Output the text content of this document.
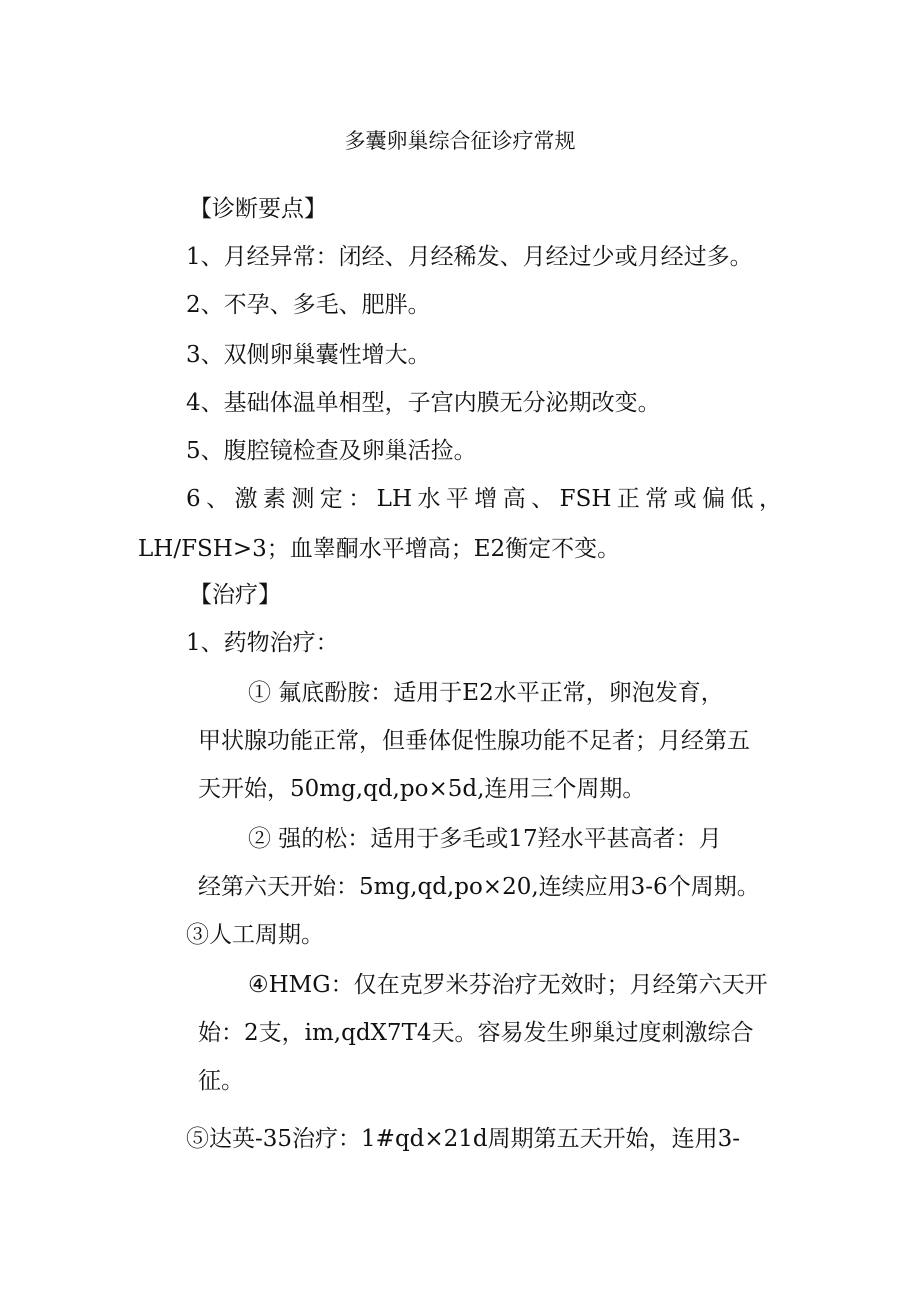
多囊卵巢综合征诊疗常规
【诊断要点】
1、月经异常：闭经、月经稀发、月经过少或月经过多。
2、不孕、多毛、肥胖。
3、双侧卵巢囊性增大。
4、基础体温单相型，子宫内膜无分泌期改变。
5、腹腔镜检查及卵巢活捡。
6、激素测定：LH水平增高、FSH正常或偏低，
LH/FSH>3；血睾酮水平增高；E2衡定不变。
【治疗】
1、药物治疗：
① 氟底酚胺：适用于E2水平正常，卵泡发育，
甲状腺功能正常，但垂体促性腺功能不足者；月经第五
天开始，50mg,qd,po×5d,连用三个周期。
② 强的松：适用于多毛或17羟水平甚高者：月
经第六天开始：5mg,qd,po×20,连续应用3-6个周期。
③人工周期。
④HMG：仅在克罗米芬治疗无效时；月经第六天开
始：2支，im,qdX7T4天。容易发生卵巢过度刺激综合
征。
⑤达英-35治疗：1#qd×21d周期第五天开始，连用3-
